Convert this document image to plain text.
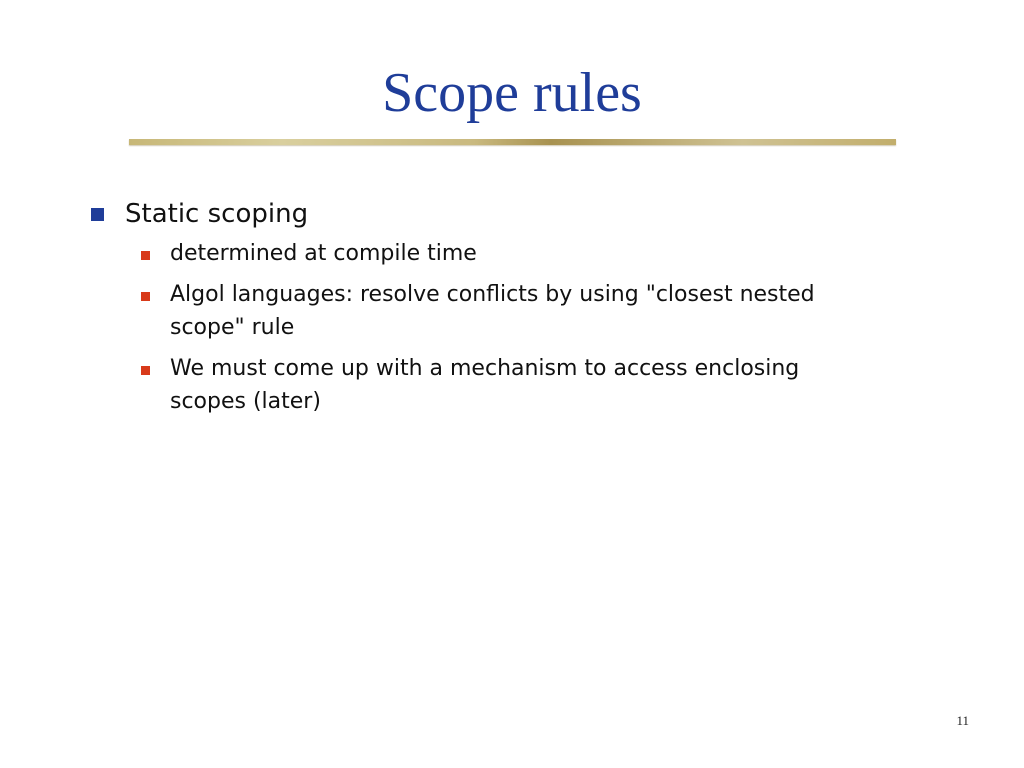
Scope rules
Static scoping
determined at compile time
Algol languages: resolve conflicts by using "closest nested scope" rule
We must come up with a mechanism to access enclosing scopes (later)
11
